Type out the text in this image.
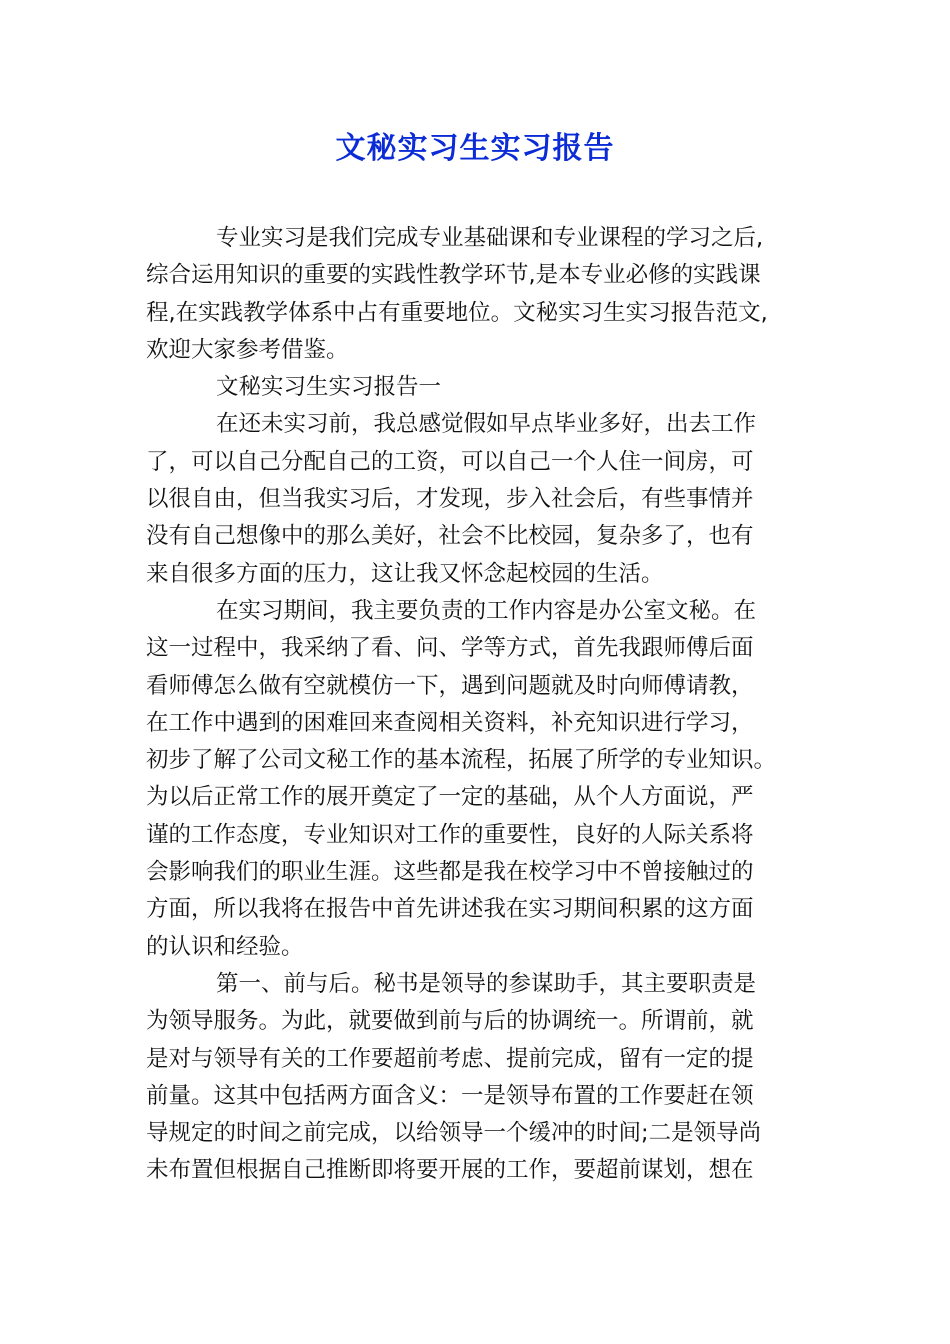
文秘实习生实习报告
专业实习是我们完成专业基础课和专业课程的学习之后,
综合运用知识的重要的实践性教学环节,是本专业必修的实践课
程,在实践教学体系中占有重要地位。文秘实习生实习报告范文,
欢迎大家参考借鉴。
文秘实习生实习报告一
在还未实习前，我总感觉假如早点毕业多好，出去工作
了，可以自己分配自己的工资，可以自己一个人住一间房，可
以很自由，但当我实习后，才发现，步入社会后，有些事情并
没有自己想像中的那么美好，社会不比校园，复杂多了，也有
来自很多方面的压力，这让我又怀念起校园的生活。
在实习期间，我主要负责的工作内容是办公室文秘。在
这一过程中，我采纳了看、问、学等方式，首先我跟师傅后面
看师傅怎么做有空就模仿一下，遇到问题就及时向师傅请教，
在工作中遇到的困难回来查阅相关资料，补充知识进行学习，
初步了解了公司文秘工作的基本流程，拓展了所学的专业知识。
为以后正常工作的展开奠定了一定的基础，从个人方面说，严
谨的工作态度，专业知识对工作的重要性，良好的人际关系将
会影响我们的职业生涯。这些都是我在校学习中不曾接触过的
方面，所以我将在报告中首先讲述我在实习期间积累的这方面
的认识和经验。
第一、前与后。秘书是领导的参谋助手，其主要职责是
为领导服务。为此，就要做到前与后的协调统一。所谓前，就
是对与领导有关的工作要超前考虑、提前完成，留有一定的提
前量。这其中包括两方面含义：一是领导布置的工作要赶在领
导规定的时间之前完成，以给领导一个缓冲的时间;二是领导尚
未布置但根据自己推断即将要开展的工作，要超前谋划，想在
